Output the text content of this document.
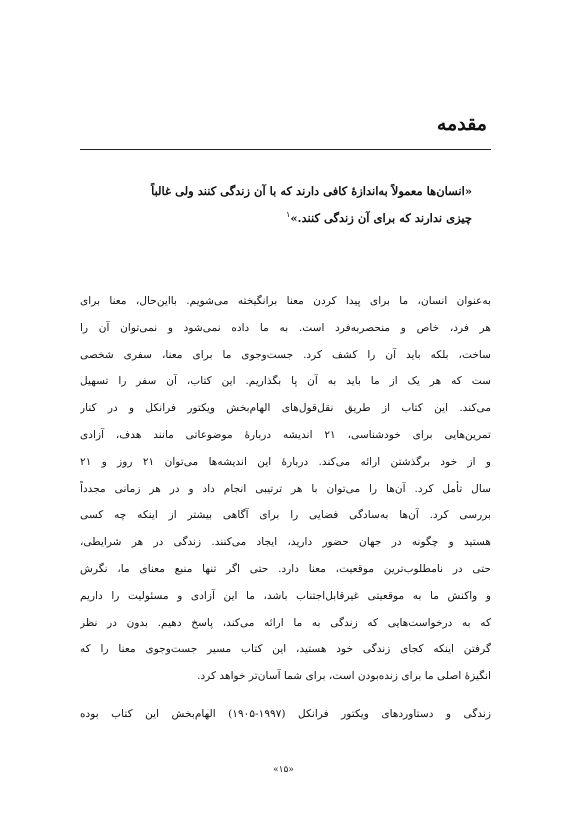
مقدمه

«انسان‌ها معمولاً به‌اندازهٔ کافی دارند که با آن زندگی کنند ولی غالباً
چیزی ندارند که برای آن زندگی کنند.»$^۱$

به‌عنوان انسان، ما برای پیدا کردن معنا برانگیخته می‌شویم. بااین‌حال، معنا برای
هر فرد، خاص و منحصربه‌فرد است. به ما داده نمی‌شود و نمی‌توان آن را
ساخت، بلکه باید آن را کشف کرد. جست‌وجوی ما برای معنا، سفری شخصی
ست که هر یک از ما باید به آن پا بگذاریم. این کتاب، آن سفر را تسهیل
می‌کند. این کتاب از طریق نقل‌قول‌های الهام‌بخش ویکتور فرانکل و در کنار
تمرین‌هایی برای خودشناسی، ۲۱ اندیشه دربارهٔ موضوعاتی مانند هدف، آزادی
و از خود برگذشتن ارائه می‌کند. دربارهٔ این اندیشه‌ها می‌توان ۲۱ روز و ۲۱
سال تأمل کرد. آن‌ها را می‌توان با هر ترتیبی انجام داد و در هر زمانی مجدداً
بررسی کرد. آن‌ها به‌سادگی فضایی را برای آگاهی بیشتر از اینکه چه کسی
هستید و چگونه در جهان حضور دارید، ایجاد می‌کنند. زندگی در هر شرایطی،
حتی در نامطلوب‌ترین موقعیت، معنا دارد. حتی اگر تنها منبع معنای ما، نگرش
و واکنش ما به موقعیتی غیرقابل‌اجتناب باشد، ما این آزادی و مسئولیت را داریم
که به درخواست‌هایی که زندگی به ما ارائه می‌کند، پاسخ دهیم. بدون در نظر
گرفتن اینکه کجای زندگی خود هستید، این کتاب مسیر جست‌وجوی معنا را که
انگیزهٔ اصلی ما برای زنده‌بودن است، برای شما آسان‌تر خواهد کرد.

زندگی و دستاوردهای ویکتور فرانکل (۱۹۹۷-۱۹۰۵) الهام‌بخش این کتاب بوده

«۱۵»
